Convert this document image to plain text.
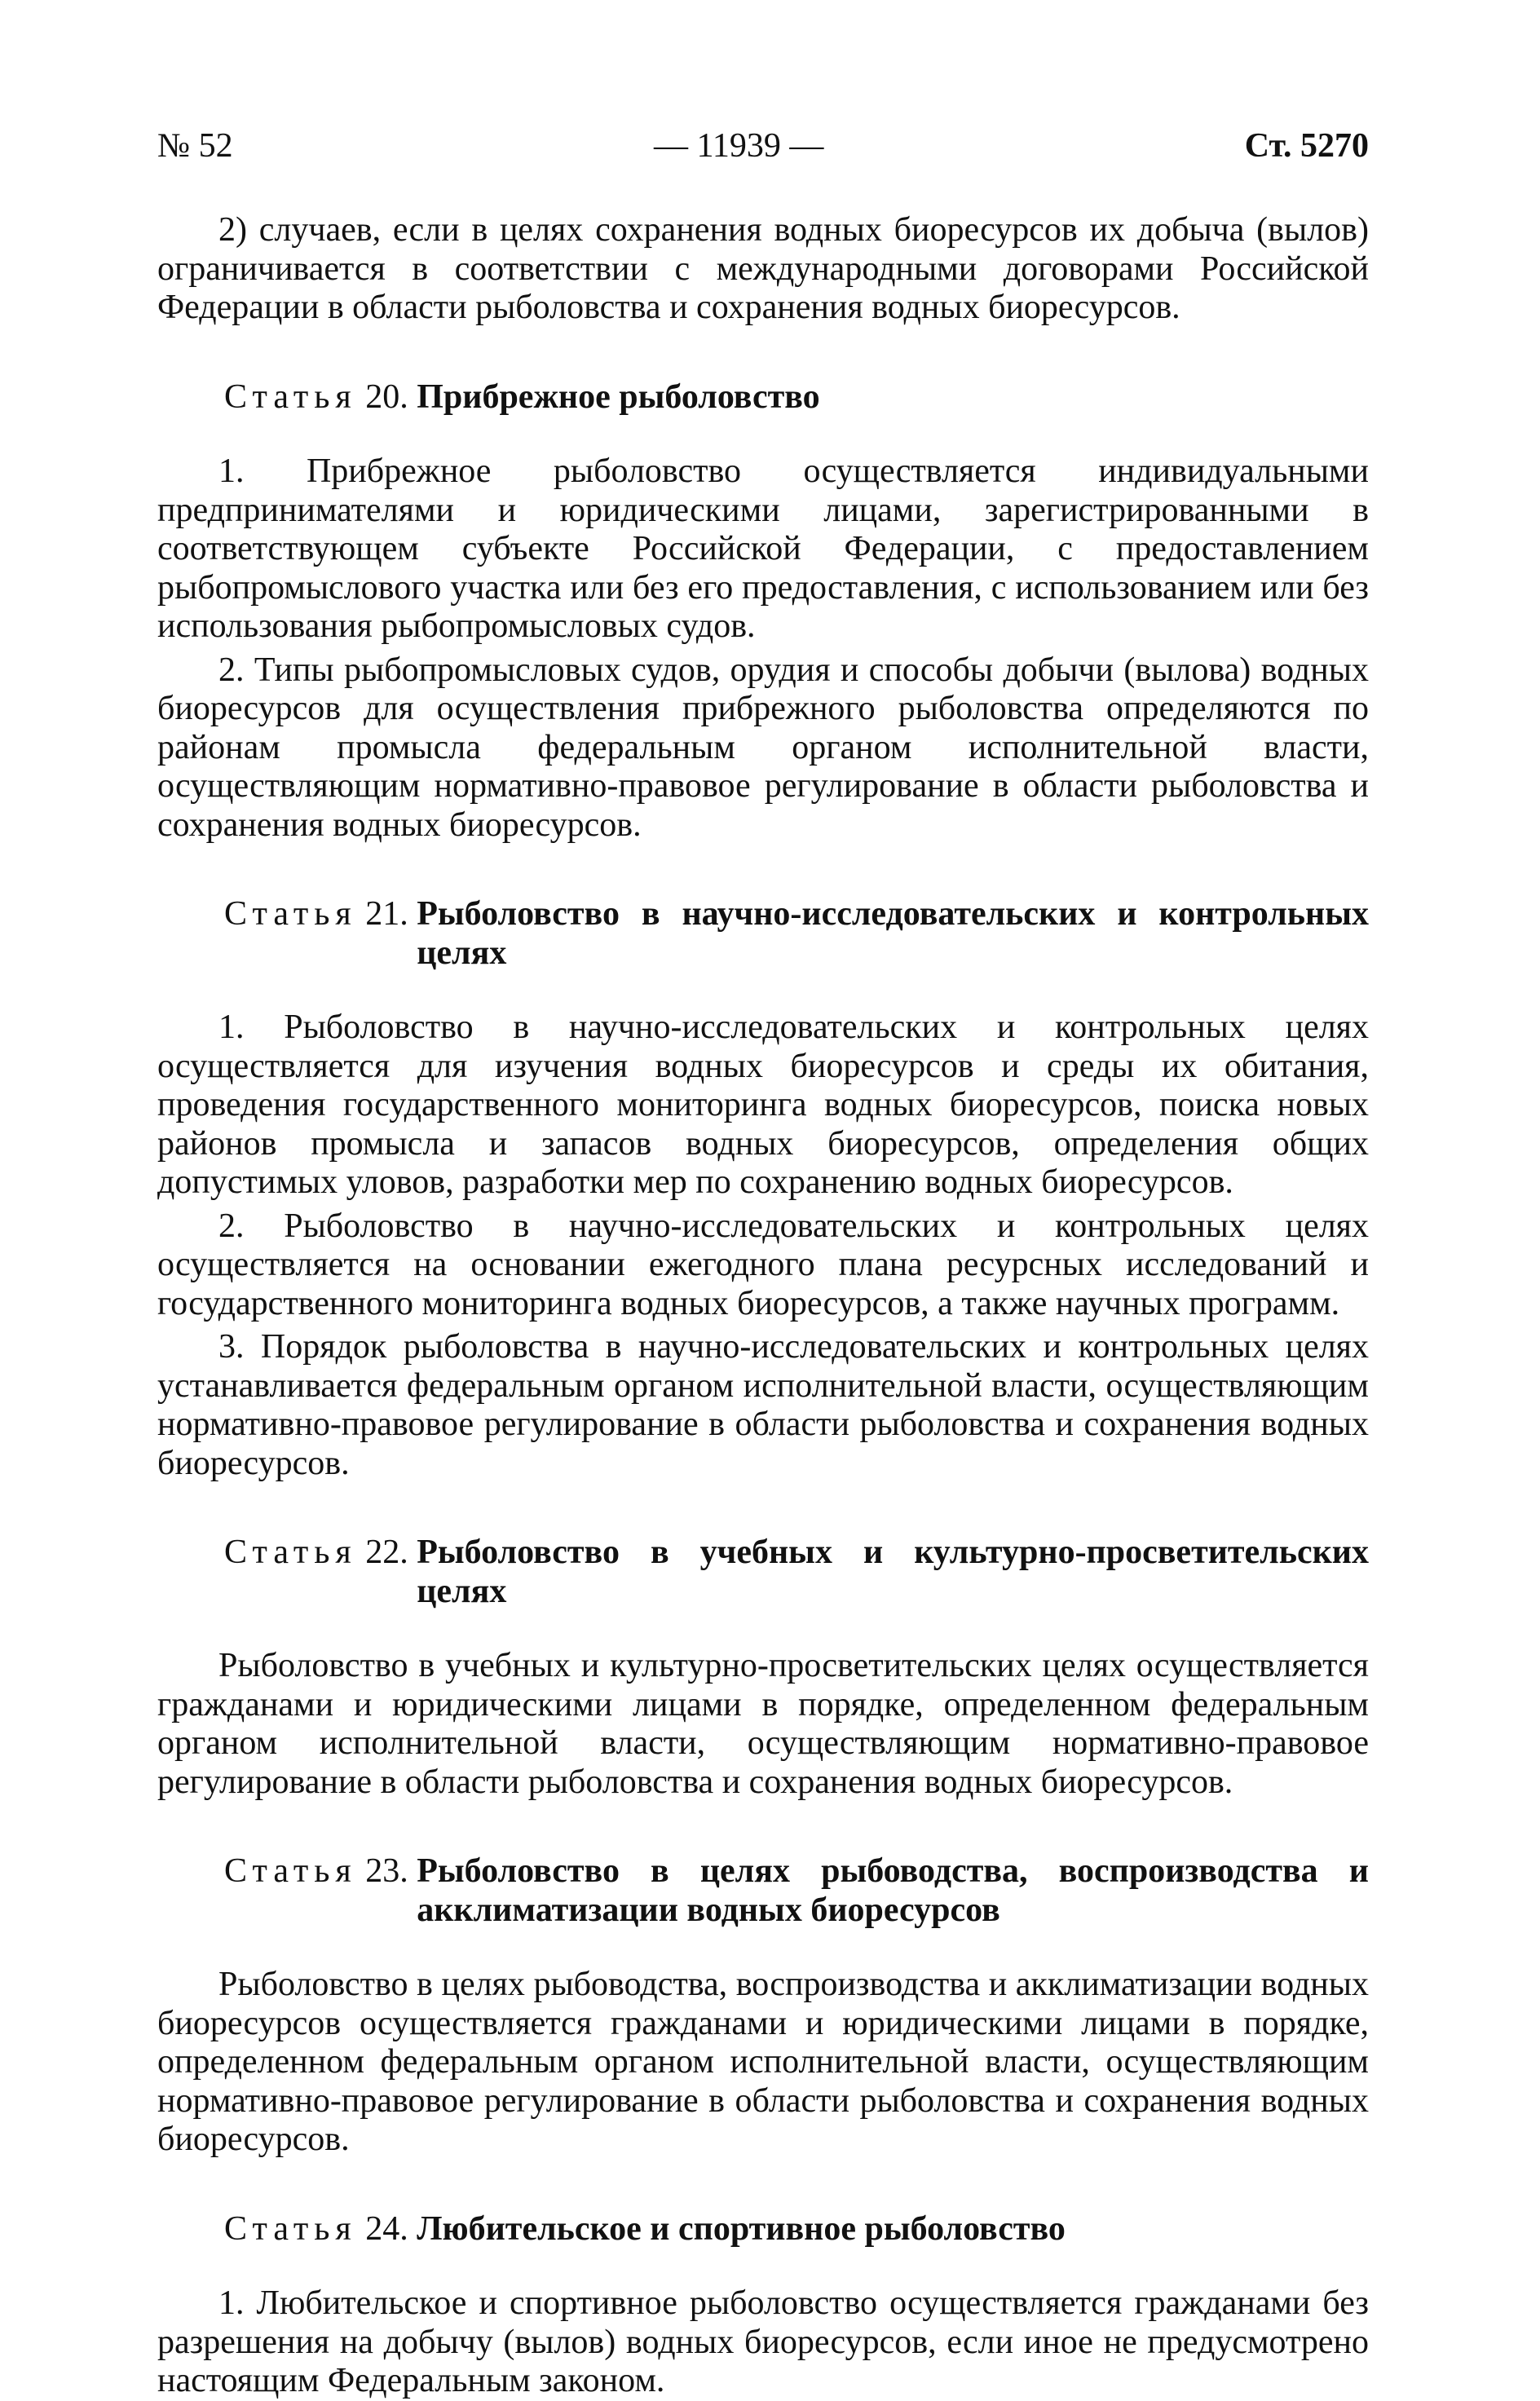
№ 52	— 11939 —	Ст. 5270

2) случаев, если в целях сохранения водных биоресурсов их добыча (вылов) ограничивается в соответствии с международными договорами Российской Федерации в области рыболовства и сохранения водных биоресурсов.

Статья 20. Прибрежное рыболовство

1. Прибрежное рыболовство осуществляется индивидуальными предпринимателями и юридическими лицами, зарегистрированными в соответствующем субъекте Российской Федерации, с предоставлением рыбопромыслового участка или без его предоставления, с использованием или без использования рыбопромысловых судов.

2. Типы рыбопромысловых судов, орудия и способы добычи (вылова) водных биоресурсов для осуществления прибрежного рыболовства определяются по районам промысла федеральным органом исполнительной власти, осуществляющим нормативно-правовое регулирование в области рыболовства и сохранения водных биоресурсов.

Статья 21. Рыболовство в научно-исследовательских и контрольных целях

1. Рыболовство в научно-исследовательских и контрольных целях осуществляется для изучения водных биоресурсов и среды их обитания, проведения государственного мониторинга водных биоресурсов, поиска новых районов промысла и запасов водных биоресурсов, определения общих допустимых уловов, разработки мер по сохранению водных биоресурсов.

2. Рыболовство в научно-исследовательских и контрольных целях осуществляется на основании ежегодного плана ресурсных исследований и государственного мониторинга водных биоресурсов, а также научных программ.

3. Порядок рыболовства в научно-исследовательских и контрольных целях устанавливается федеральным органом исполнительной власти, осуществляющим нормативно-правовое регулирование в области рыболовства и сохранения водных биоресурсов.

Статья 22. Рыболовство в учебных и культурно-просветительских целях

Рыболовство в учебных и культурно-просветительских целях осуществляется гражданами и юридическими лицами в порядке, определенном федеральным органом исполнительной власти, осуществляющим нормативно-правовое регулирование в области рыболовства и сохранения водных биоресурсов.

Статья 23. Рыболовство в целях рыбоводства, воспроизводства и акклиматизации водных биоресурсов

Рыболовство в целях рыбоводства, воспроизводства и акклиматизации водных биоресурсов осуществляется гражданами и юридическими лицами в порядке, определенном федеральным органом исполнительной власти, осуществляющим нормативно-правовое регулирование в области рыболовства и сохранения водных биоресурсов.

Статья 24. Любительское и спортивное рыболовство

1. Любительское и спортивное рыболовство осуществляется гражданами без разрешения на добычу (вылов) водных биоресурсов, если иное не предусмотрено настоящим Федеральным законом.
